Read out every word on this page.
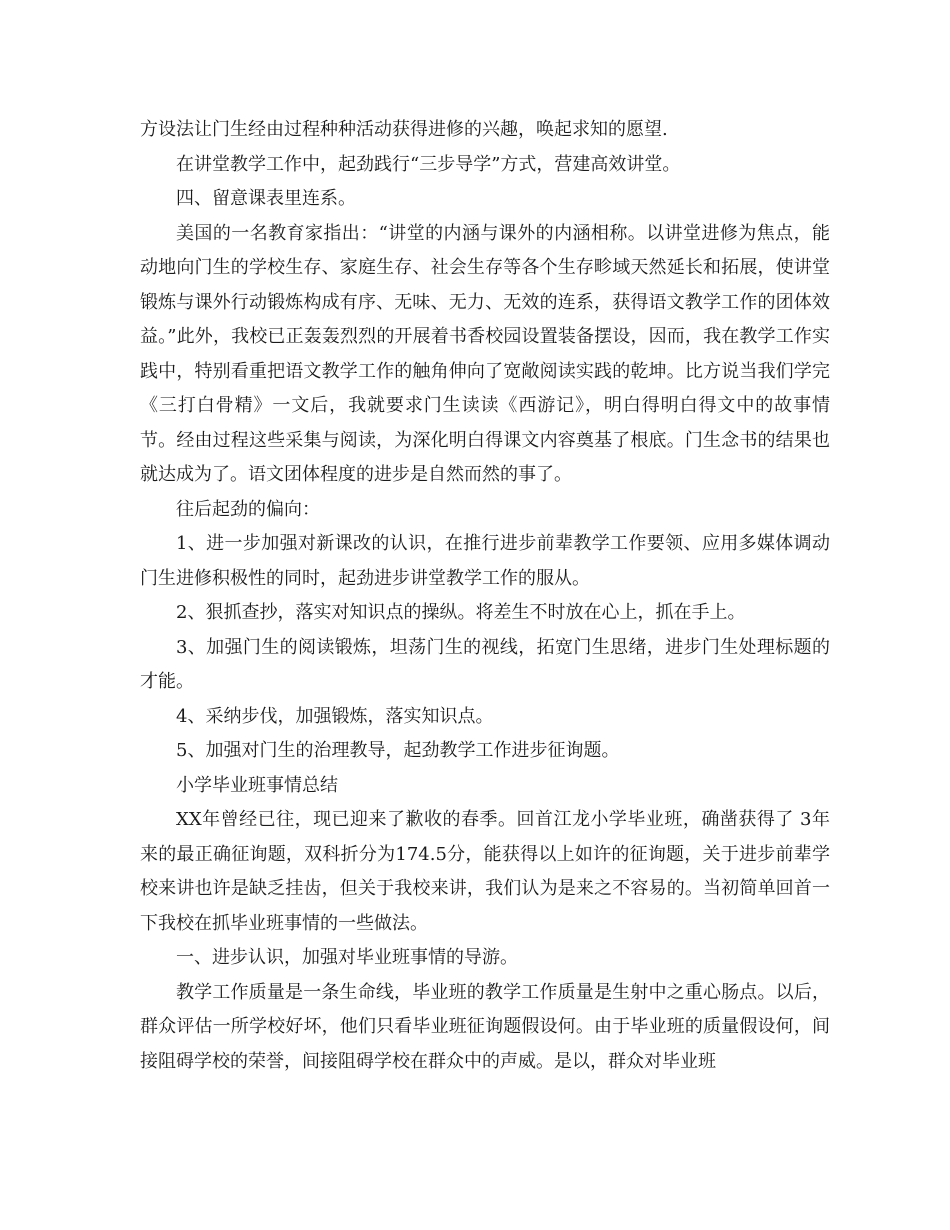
方设法让门生经由过程种种活动获得进修的兴趣，唤起求知的愿望.

在讲堂教学工作中，起劲践行“三步导学”方式，营建高效讲堂。

四、留意课表里连系。

美国的一名教育家指出：“讲堂的内涵与课外的内涵相称。以讲堂进修为焦点，能动地向门生的学校生存、家庭生存、社会生存等各个生存畛域天然延长和拓展，使讲堂锻炼与课外行动锻炼构成有序、无味、无力、无效的连系，获得语文教学工作的团体效益。”此外，我校已正轰轰烈烈的开展着书香校园设置装备摆设，因而，我在教学工作实践中，特别看重把语文教学工作的触角伸向了宽敞阅读实践的乾坤。比方说当我们学完《三打白骨精》一文后，我就要求门生读读《西游记》，明白得明白得文中的故事情节。经由过程这些采集与阅读，为深化明白得课文内容奠基了根底。门生念书的结果也就达成为了。语文团体程度的进步是自然而然的事了。

往后起劲的偏向：

1、进一步加强对新课改的认识，在推行进步前辈教学工作要领、应用多媒体调动门生进修积极性的同时，起劲进步讲堂教学工作的服从。

2、狠抓查抄，落实对知识点的操纵。将差生不时放在心上，抓在手上。

3、加强门生的阅读锻炼，坦荡门生的视线，拓宽门生思绪，进步门生处理标题的才能。

4、采纳步伐，加强锻炼，落实知识点。

5、加强对门生的治理教导，起劲教学工作进步征询题。

小学毕业班事情总结

XX年曾经已往，现已迎来了歉收的春季。回首江龙小学毕业班，确凿获得了 3年来的最正确征询题，双科折分为174.5分，能获得以上如许的征询题，关于进步前辈学校来讲也许是缺乏挂齿，但关于我校来讲，我们认为是来之不容易的。当初简单回首一下我校在抓毕业班事情的一些做法。

一、进步认识，加强对毕业班事情的导游。

教学工作质量是一条生命线，毕业班的教学工作质量是生射中之重心肠点。以后，群众评估一所学校好坏，他们只看毕业班征询题假设何。由于毕业班的质量假设何，间接阻碍学校的荣誉，间接阻碍学校在群众中的声威。是以，群众对毕业班
